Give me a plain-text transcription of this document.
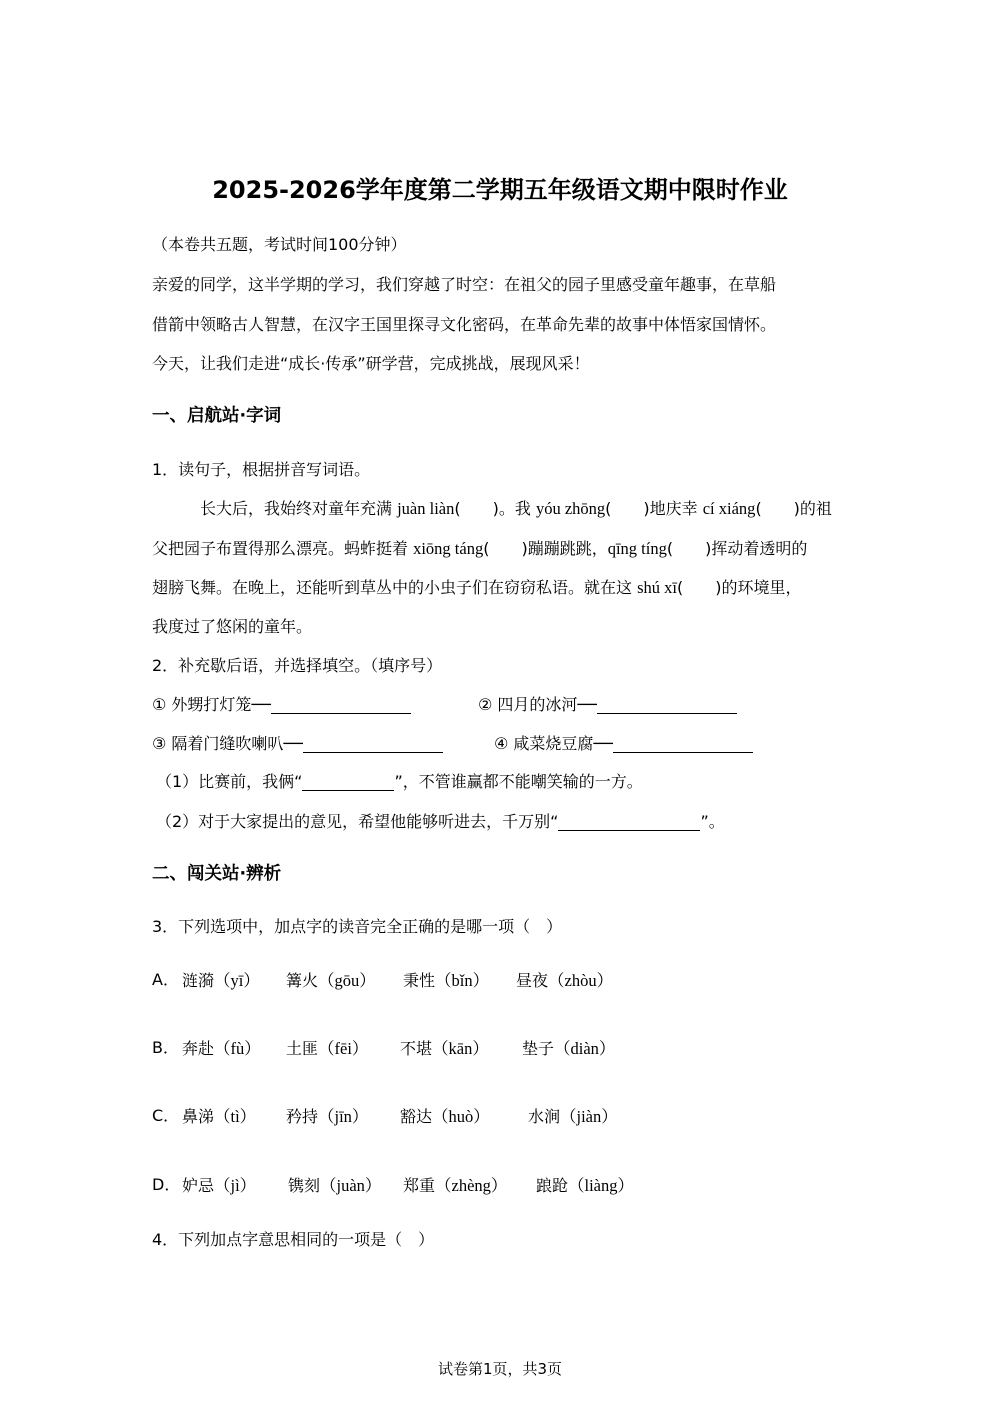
2025-2026学年度第二学期五年级语文期中限时作业
（本卷共五题，考试时间100分钟）
亲爱的同学，这半学期的学习，我们穿越了时空：在祖父的园子里感受童年趣事，在草船
借箭中领略古人智慧，在汉字王国里探寻文化密码，在革命先辈的故事中体悟家国情怀。
今天，让我们走进“成长·传承”研学营，完成挑战，展现风采！
一、启航站·字词
1．读句子，根据拼音写词语。
长大后，我始终对童年充满 juàn liàn(　　)。我 yóu zhōng(　　)地庆幸 cí xiáng(　　)的祖
父把园子布置得那么漂亮。蚂蚱挺着 xiōng táng(　　)蹦蹦跳跳，qīng tíng(　　)挥动着透明的
翅膀飞舞。在晚上，还能听到草丛中的小虫子们在窃窃私语。就在这 shú xī(　　)的环境里，
我度过了悠闲的童年。
2．补充歇后语，并选择填空。（填序号）
① 外甥打灯笼──	② 四月的冰河──
③ 隔着门缝吹喇叭──	④ 咸菜烧豆腐──
（1）比赛前，我俩“	”，不管谁赢都不能嘲笑输的一方。
（2）对于大家提出的意见，希望他能够听进去，千万别“	”。
二、闯关站·辨析
3．下列选项中，加点字的读音完全正确的是哪一项（　）
A． 涟漪（yī） 篝火（gōu） 秉性（bǐn） 昼夜（zhòu）
B． 奔赴（fù） 土匪（fēi） 不堪（kān） 垫子（diàn）
C． 鼻涕（tì） 矜持（jīn） 豁达（huò） 水涧（jiàn）
D． 妒忌（jì） 镌刻（juàn） 郑重（zhèng） 踉跄（liàng）
4．下列加点字意思相同的一项是（　）
试卷第1页，共3页
